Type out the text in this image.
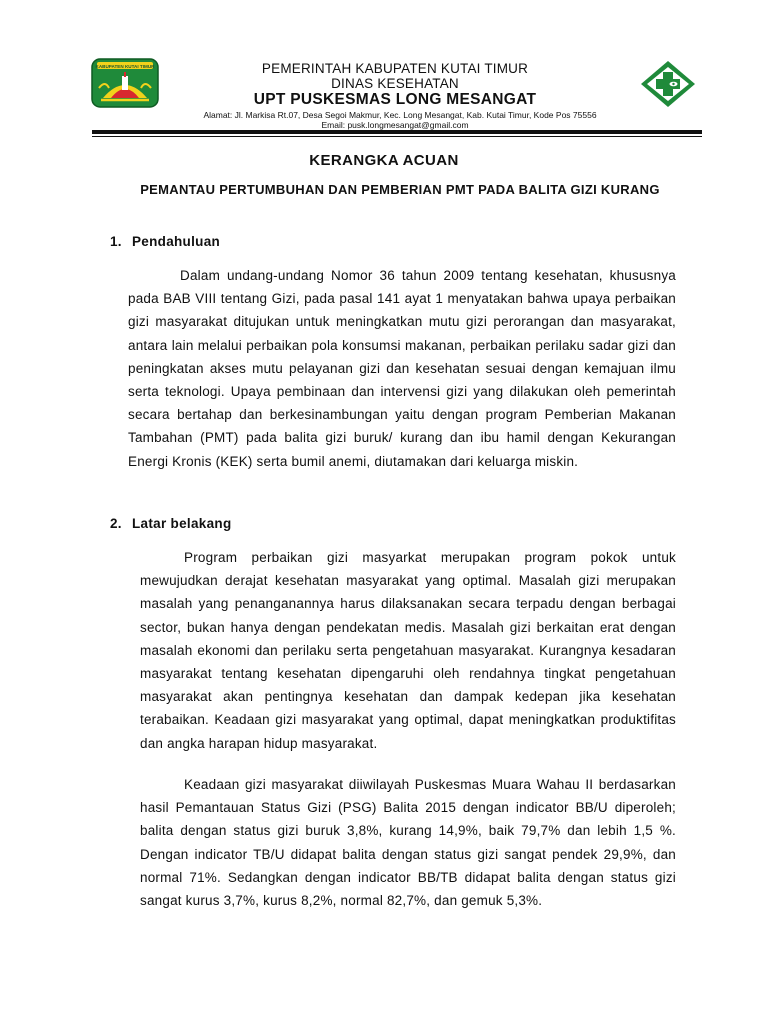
KABUPATEN KUTAI TIMUR	PEMERINTAH KABUPATEN KUTAI TIMUR
DINAS KESEHATAN
UPT PUSKESMAS LONG MESANGAT
Alamat: Jl. Markisa Rt.07, Desa Segoi Makmur, Kec. Long Mesangat, Kab. Kutai Timur, Kode Pos 75556
Email: pusk.longmesangat@gmail.com
KERANGKA ACUAN
PEMANTAU PERTUMBUHAN DAN PEMBERIAN PMT PADA BALITA GIZI KURANG
1. Pendahuluan

Dalam undang-undang Nomor 36 tahun 2009 tentang kesehatan, khususnya pada BAB VIII tentang Gizi, pada pasal 141 ayat 1 menyatakan bahwa upaya perbaikan gizi masyarakat ditujukan untuk meningkatkan mutu gizi perorangan dan masyarakat, antara lain melalui perbaikan pola konsumsi makanan, perbaikan perilaku sadar gizi dan peningkatan akses mutu pelayanan gizi dan kesehatan sesuai dengan kemajuan ilmu serta teknologi. Upaya pembinaan dan intervensi gizi yang dilakukan oleh pemerintah secara bertahap dan berkesinambungan yaitu dengan program Pemberian Makanan Tambahan (PMT) pada balita gizi buruk/ kurang dan ibu hamil dengan Kekurangan Energi Kronis (KEK) serta bumil anemi, diutamakan dari keluarga miskin.

2. Latar belakang

Program perbaikan gizi masyarkat merupakan program pokok untuk mewujudkan derajat kesehatan masyarakat yang optimal. Masalah gizi merupakan masalah yang penanganannya harus dilaksanakan secara terpadu dengan berbagai sector, bukan hanya dengan pendekatan medis. Masalah gizi berkaitan erat dengan masalah ekonomi dan perilaku serta pengetahuan masyarakat. Kurangnya kesadaran masyarakat tentang kesehatan dipengaruhi oleh rendahnya tingkat pengetahuan masyarakat akan pentingnya kesehatan dan dampak kedepan jika kesehatan terabaikan. Keadaan gizi masyarakat yang optimal, dapat meningkatkan produktifitas dan angka harapan hidup masyarakat.

Keadaan gizi masyarakat diiwilayah Puskesmas Muara Wahau II berdasarkan hasil Pemantauan Status Gizi (PSG) Balita 2015 dengan indicator BB/U diperoleh; balita dengan status gizi buruk 3,8%, kurang 14,9%, baik 79,7% dan lebih 1,5 %. Dengan indicator TB/U didapat balita dengan status gizi sangat pendek 29,9%, dan normal 71%. Sedangkan dengan indicator BB/TB didapat balita dengan status gizi sangat kurus 3,7%, kurus 8,2%, normal 82,7%, dan gemuk 5,3%.
